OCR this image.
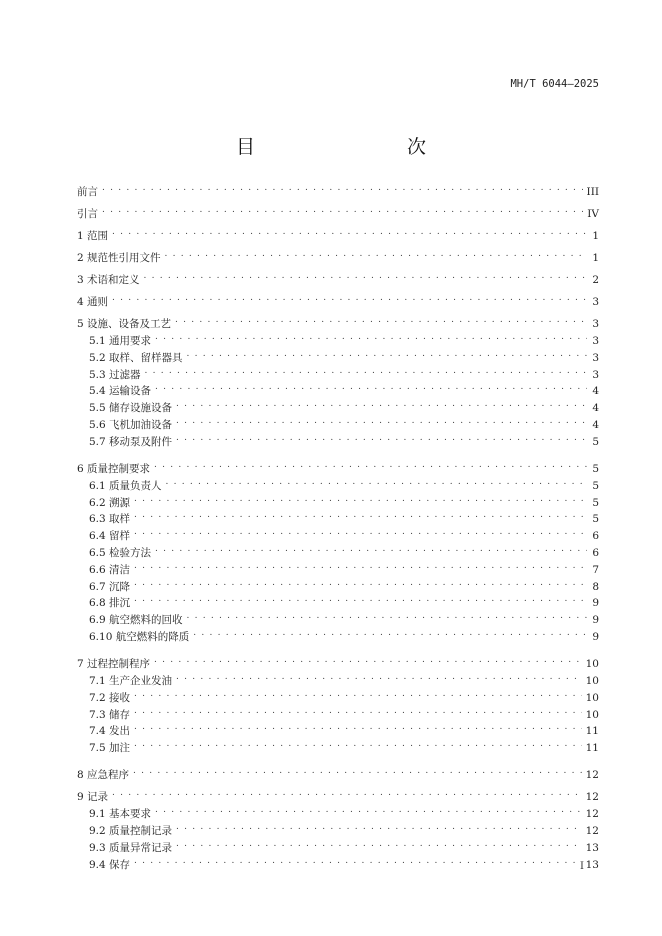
MH/T 6044—2025
目　　次
前言 . . .	III
引言 . . .	IV
1 范围 . . .	1
2 规范性引用文件 . . .	1
3 术语和定义 . . .	2
4 通则 . . .	3
5 设施、设备及工艺 . . .	3
5.1 通用要求 . . .	3
5.2 取样、留样器具 . . .	3
5.3 过滤器 . . .	3
5.4 运输设备 . . .	4
5.5 储存设施设备 . . .	4
5.6 飞机加油设备 . . .	4
5.7 移动泵及附件 . . .	5
6 质量控制要求 . . .	5
6.1 质量负责人 . . .	5
6.2 溯源 . . .	5
6.3 取样 . . .	5
6.4 留样 . . .	6
6.5 检验方法 . . .	6
6.6 清洁 . . .	7
6.7 沉降 . . .	8
6.8 排沉 . . .	9
6.9 航空燃料的回收 . . .	9
6.10 航空燃料的降质 . . .	9
7 过程控制程序 . . .	10
7.1 生产企业发油 . . .	10
7.2 接收 . . .	10
7.3 储存 . . .	10
7.4 发出 . . .	11
7.5 加注 . . .	11
8 应急程序 . . .	12
9 记录 . . .	12
9.1 基本要求 . . .	12
9.2 质量控制记录 . . .	12
9.3 质量异常记录 . . .	13
9.4 保存 . . .	13
I
